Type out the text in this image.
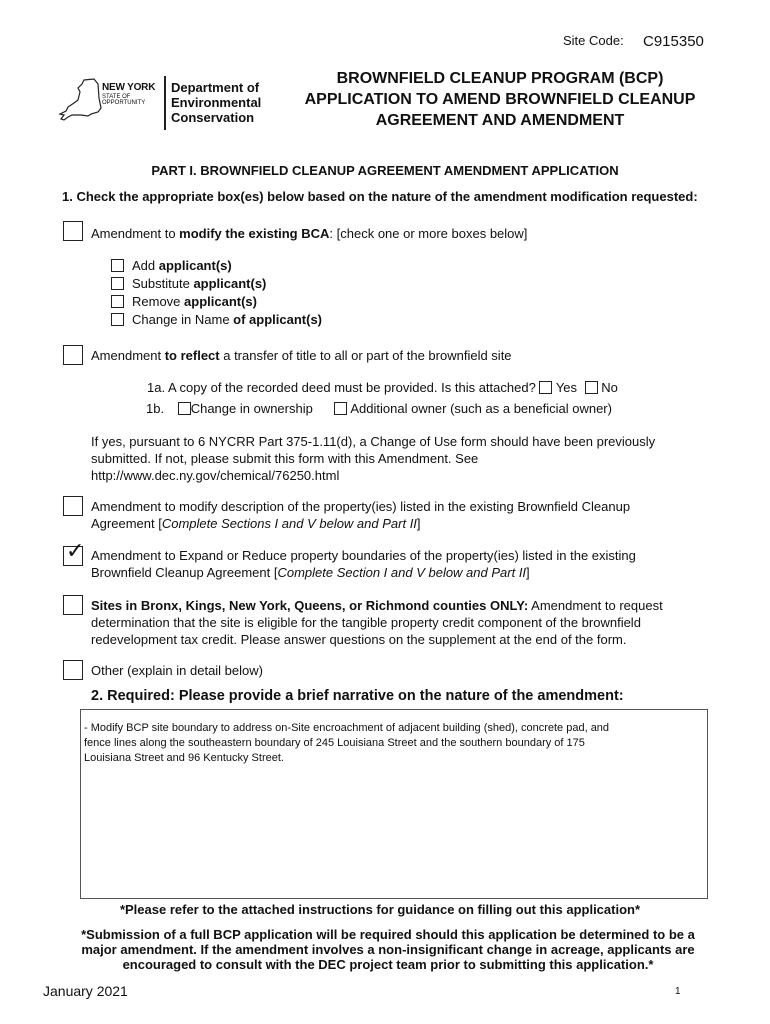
Site Code: C915350
NEW YORK
STATE OF
OPPORTUNITY
Department of
Environmental
Conservation
BROWNFIELD CLEANUP PROGRAM (BCP)
APPLICATION TO AMEND BROWNFIELD CLEANUP
AGREEMENT AND AMENDMENT
PART I. BROWNFIELD CLEANUP AGREEMENT AMENDMENT APPLICATION
1. Check the appropriate box(es) below based on the nature of the amendment modification requested:
Amendment to modify the existing BCA: [check one or more boxes below]
Add applicant(s)
Substitute applicant(s)
Remove applicant(s)
Change in Name of applicant(s)
Amendment to reflect a transfer of title to all or part of the brownfield site
1a. A copy of the recorded deed must be provided. Is this attached? Yes No
1b. Change in ownership	Additional owner (such as a beneficial owner)
If yes, pursuant to 6 NYCRR Part 375-1.11(d), a Change of Use form should have been previously
submitted. If not, please submit this form with this Amendment. See
http://www.dec.ny.gov/chemical/76250.html
Amendment to modify description of the property(ies) listed in the existing Brownfield Cleanup
Agreement [Complete Sections I and V below and Part II]
✓ Amendment to Expand or Reduce property boundaries of the property(ies) listed in the existing
Brownfield Cleanup Agreement [Complete Section I and V below and Part II]
Sites in Bronx, Kings, New York, Queens, or Richmond counties ONLY: Amendment to request
determination that the site is eligible for the tangible property credit component of the brownfield
redevelopment tax credit. Please answer questions on the supplement at the end of the form.
Other (explain in detail below)
2. Required: Please provide a brief narrative on the nature of the amendment:
- Modify BCP site boundary to address on-Site encroachment of adjacent building (shed), concrete pad, and
fence lines along the southeastern boundary of 245 Louisiana Street and the southern boundary of 175
Louisiana Street and 96 Kentucky Street.
*Please refer to the attached instructions for guidance on filling out this application*
*Submission of a full BCP application will be required should this application be determined to be a
major amendment. If the amendment involves a non-insignificant change in acreage, applicants are
encouraged to consult with the DEC project team prior to submitting this application.*
January 2021	1
